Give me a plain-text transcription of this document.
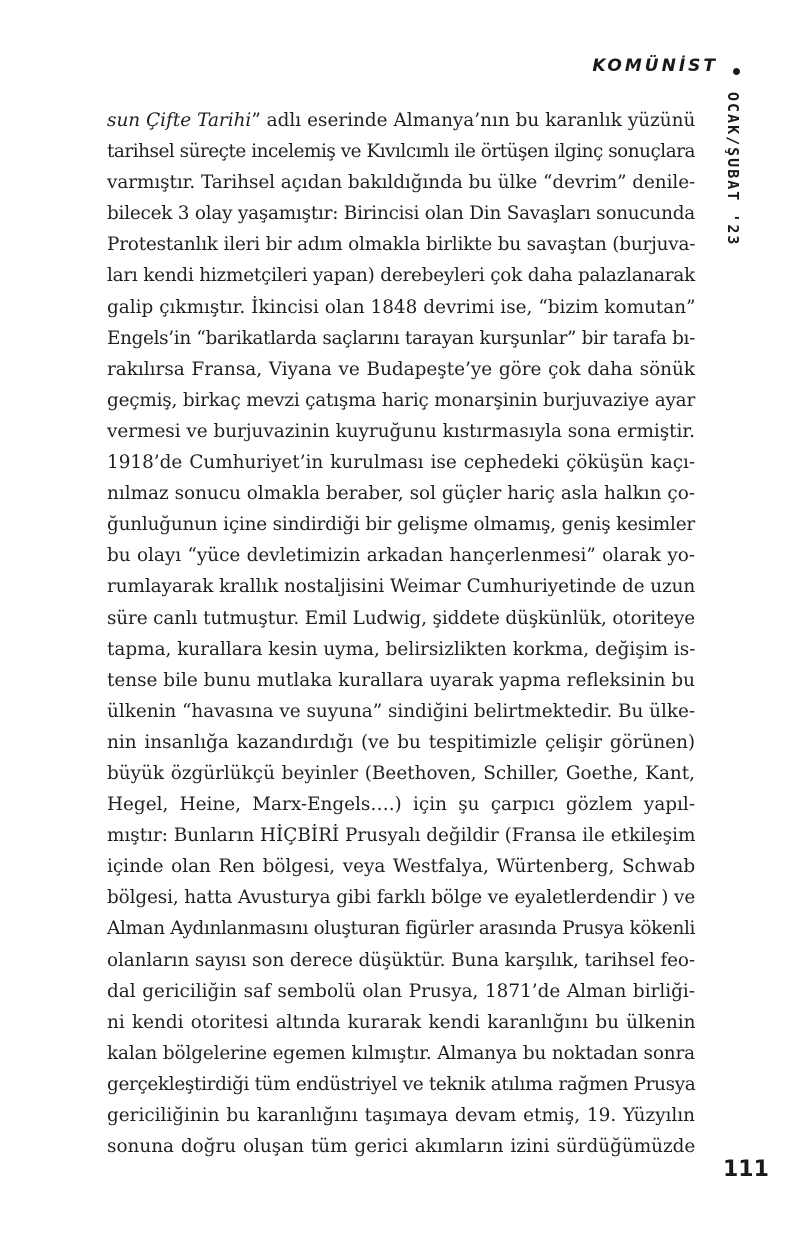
KOMÜNİST
OCAK/ŞUBAT '23
sun Çifte Tarihi” adlı eserinde Almanya’nın bu karanlık yüzünü
tarihsel süreçte incelemiş ve Kıvılcımlı ile örtüşen ilginç sonuçlara
varmıştır. Tarihsel açıdan bakıldığında bu ülke “devrim” denile-
bilecek 3 olay yaşamıştır: Birincisi olan Din Savaşları sonucunda
Protestanlık ileri bir adım olmakla birlikte bu savaştan (burjuva-
ları kendi hizmetçileri yapan) derebeyleri çok daha palazlanarak
galip çıkmıştır. İkincisi olan 1848 devrimi ise, “bizim komutan”
Engels’in “barikatlarda saçlarını tarayan kurşunlar” bir tarafa bı-
rakılırsa Fransa, Viyana ve Budapeşte’ye göre çok daha sönük
geçmiş, birkaç mevzi çatışma hariç monarşinin burjuvaziye ayar
vermesi ve burjuvazinin kuyruğunu kıstırmasıyla sona ermiştir.
1918’de Cumhuriyet’in kurulması ise cephedeki çöküşün kaçı-
nılmaz sonucu olmakla beraber, sol güçler hariç asla halkın ço-
ğunluğunun içine sindirdiği bir gelişme olmamış, geniş kesimler
bu olayı “yüce devletimizin arkadan hançerlenmesi” olarak yo-
rumlayarak krallık nostaljisini Weimar Cumhuriyetinde de uzun
süre canlı tutmuştur. Emil Ludwig, şiddete düşkünlük, otoriteye
tapma, kurallara kesin uyma, belirsizlikten korkma, değişim is-
tense bile bunu mutlaka kurallara uyarak yapma refleksinin bu
ülkenin “havasına ve suyuna” sindiğini belirtmektedir. Bu ülke-
nin insanlığa kazandırdığı (ve bu tespitimizle çelişir görünen)
büyük özgürlükçü beyinler (Beethoven, Schiller, Goethe, Kant,
Hegel, Heine, Marx-Engels….) için şu çarpıcı gözlem yapıl-
mıştır: Bunların HİÇBİRİ Prusyalı değildir (Fransa ile etkileşim
içinde olan Ren bölgesi, veya Westfalya, Würtenberg, Schwab
bölgesi, hatta Avusturya gibi farklı bölge ve eyaletlerdendir ) ve
Alman Aydınlanmasını oluşturan figürler arasında Prusya kökenli
olanların sayısı son derece düşüktür. Buna karşılık, tarihsel feo-
dal gericiliğin saf sembolü olan Prusya, 1871’de Alman birliği-
ni kendi otoritesi altında kurarak kendi karanlığını bu ülkenin
kalan bölgelerine egemen kılmıştır. Almanya bu noktadan sonra
gerçekleştirdiği tüm endüstriyel ve teknik atılıma rağmen Prusya
gericiliğinin bu karanlığını taşımaya devam etmiş, 19. Yüzyılın
sonuna doğru oluşan tüm gerici akımların izini sürdüğümüzde
111
